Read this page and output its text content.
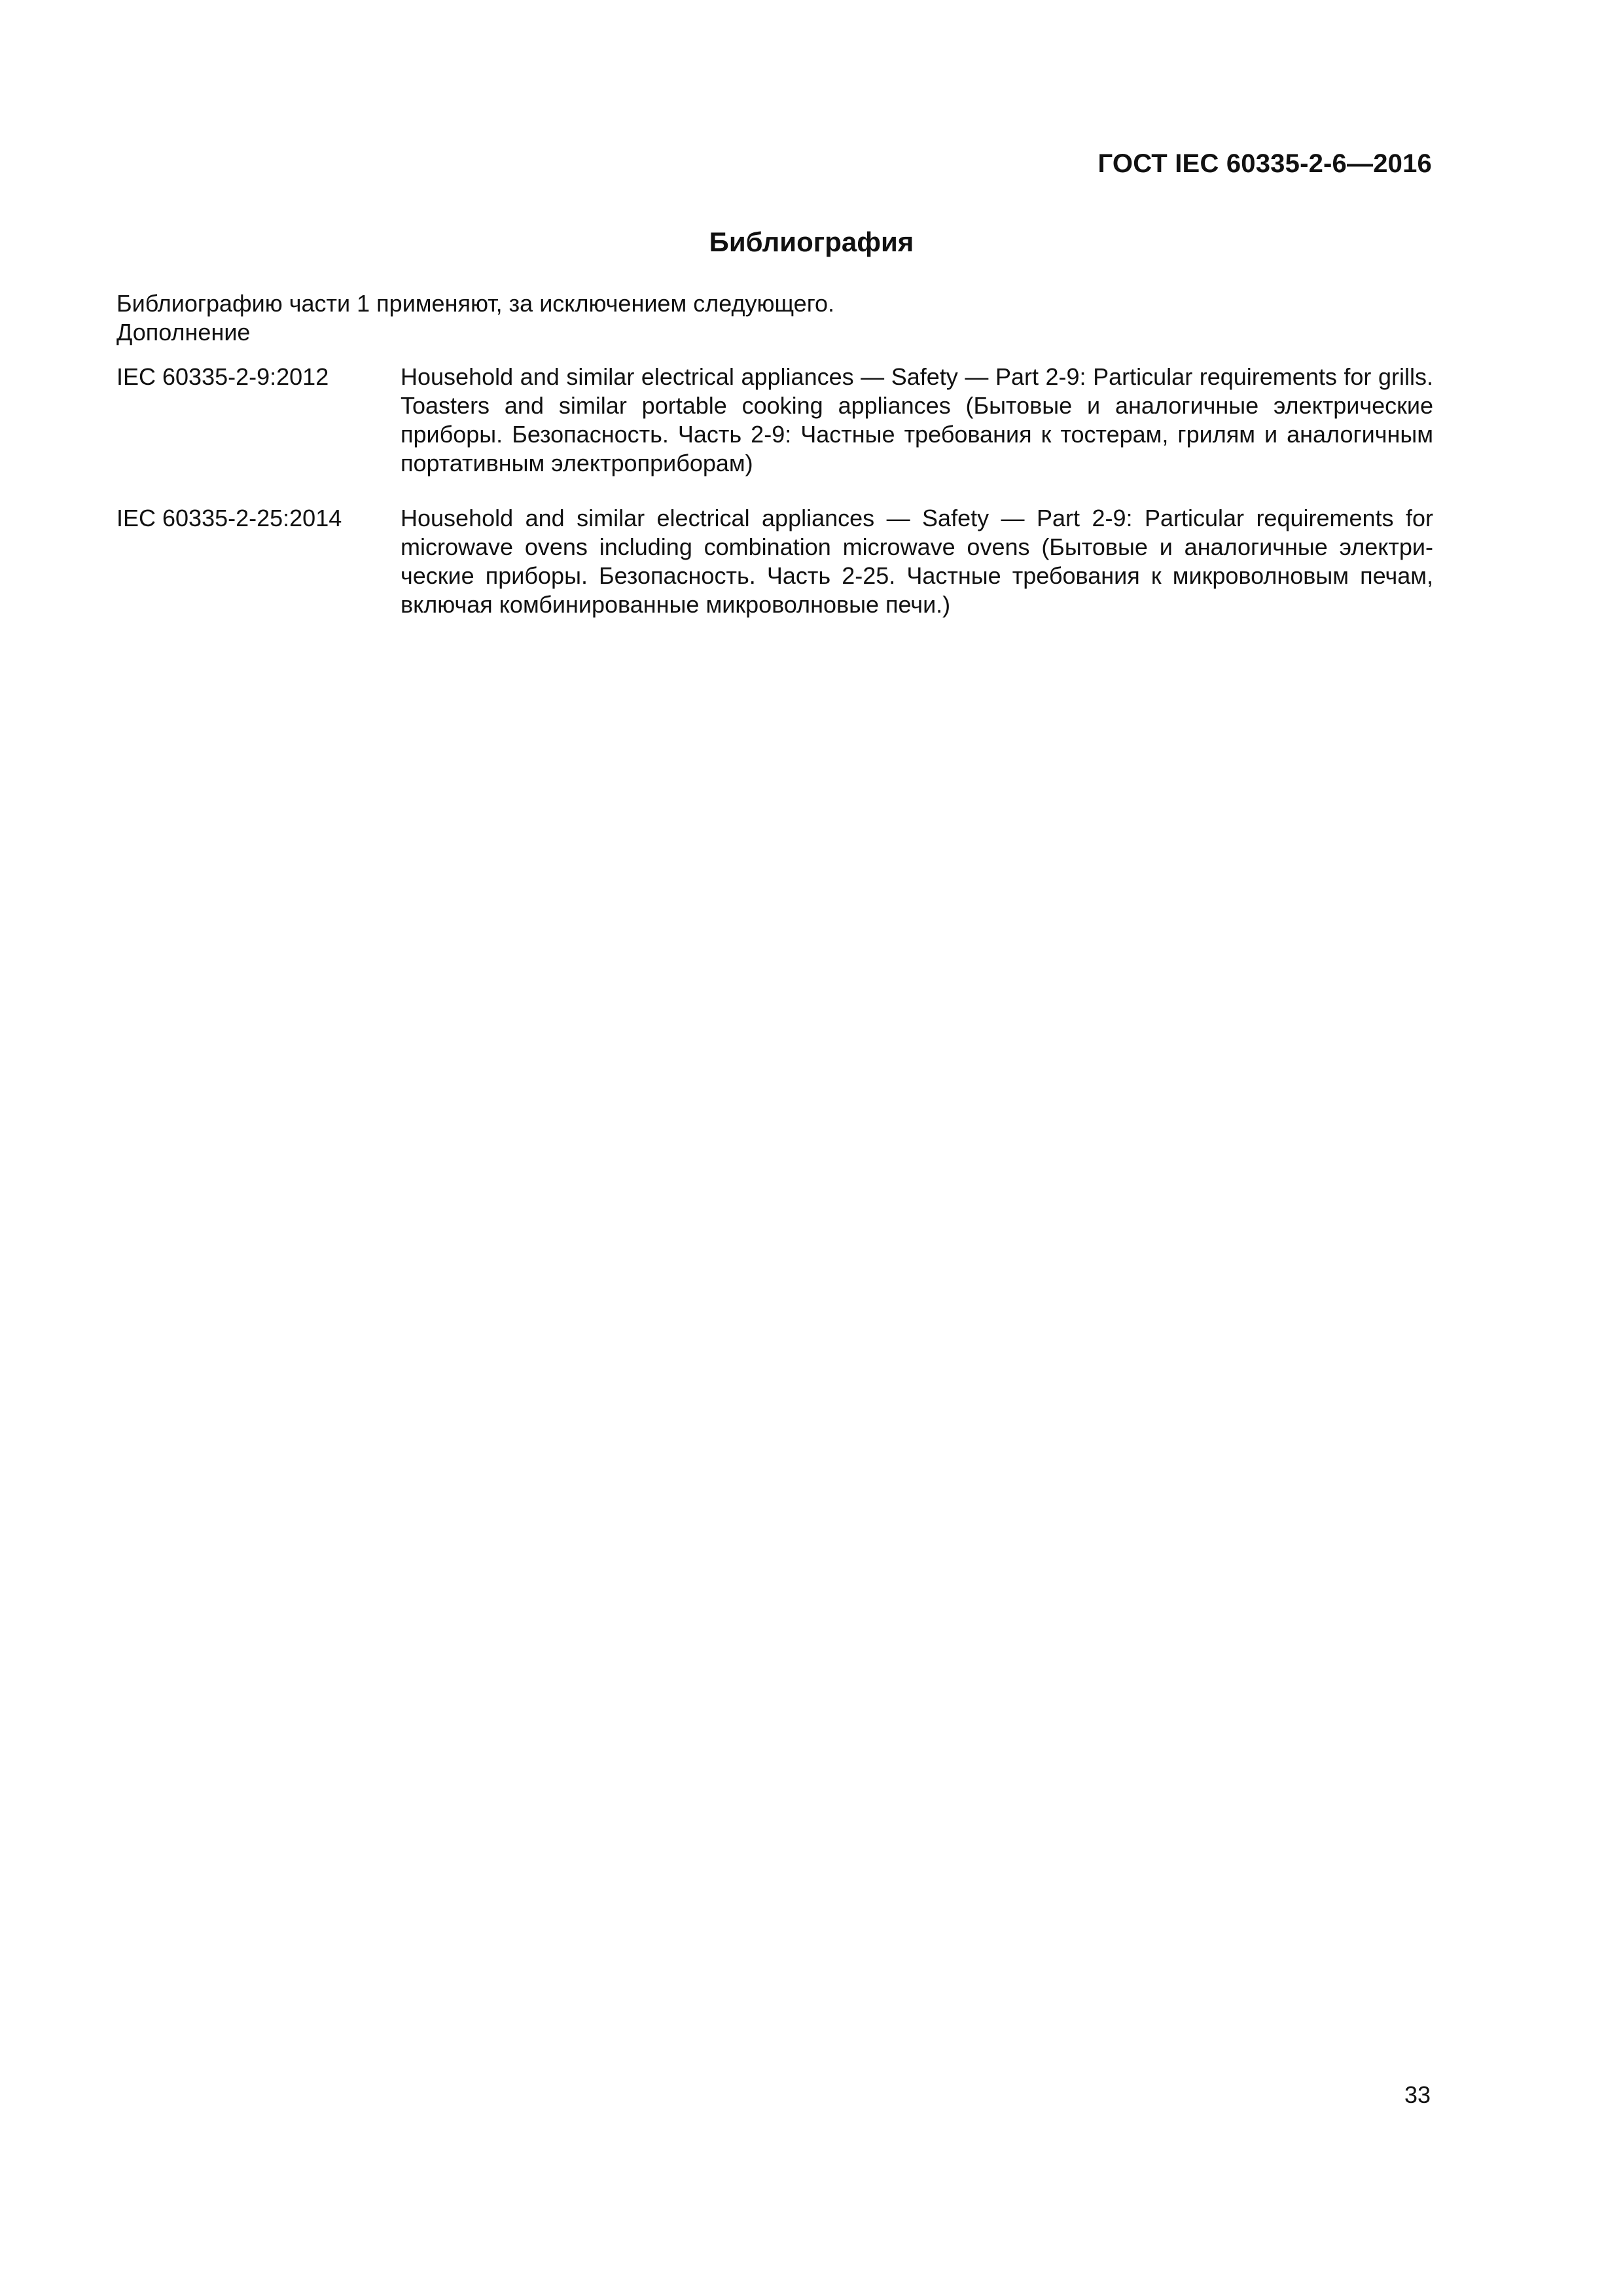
ГОСТ IEC 60335-2-6—2016
Библиография
Библиографию части 1 применяют, за исключением следующего.
Дополнение
IEC 60335-2-9:2012	Household and similar electrical appliances — Safety — Part 2-9: Particular requirements for grills. Toasters and similar portable cooking appliances (Бытовые и аналогичные электрические приборы. Безопасность. Часть 2-9: Частные требования к тостерам, грилям и аналогичным портативным электроприборам)
IEC 60335-2-25:2014	Household and similar electrical appliances — Safety — Part 2-9: Particular requirements for microwave ovens including combination microwave ovens (Бытовые и аналогичные электрические приборы. Безопасность. Часть 2-25. Частные требования к микроволновым печам, включая комбинированные микроволновые печи.)
33
